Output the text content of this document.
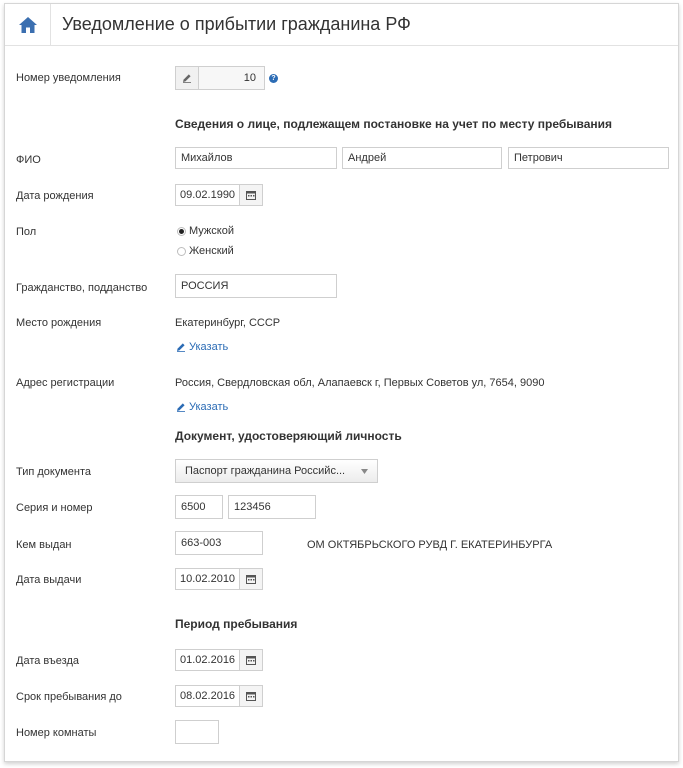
Уведомление о прибытии гражданина РФ
Номер уведомления	10	?
Сведения о лице, подлежащем постановке на учет по месту пребывания
ФИО	Михайлов	Андрей	Петрович
Дата рождения	09.02.1990
Пол	Мужской
Женский
Гражданство, подданство	РОССИЯ
Место рождения	Екатеринбург, СССР
Указать
Адрес регистрации	Россия, Свердловская обл, Алапаевск г, Первых Советов ул, 7654, 9090
Указать
Документ, удостоверяющий личность
Тип документа	Паспорт гражданина Российс...
Серия и номер	6500	123456
Кем выдан	663-003	ОМ ОКТЯБРЬСКОГО РУВД Г. ЕКАТЕРИНБУРГА
Дата выдачи	10.02.2010
Период пребывания
Дата въезда	01.02.2016
Срок пребывания до	08.02.2016
Номер комнаты
